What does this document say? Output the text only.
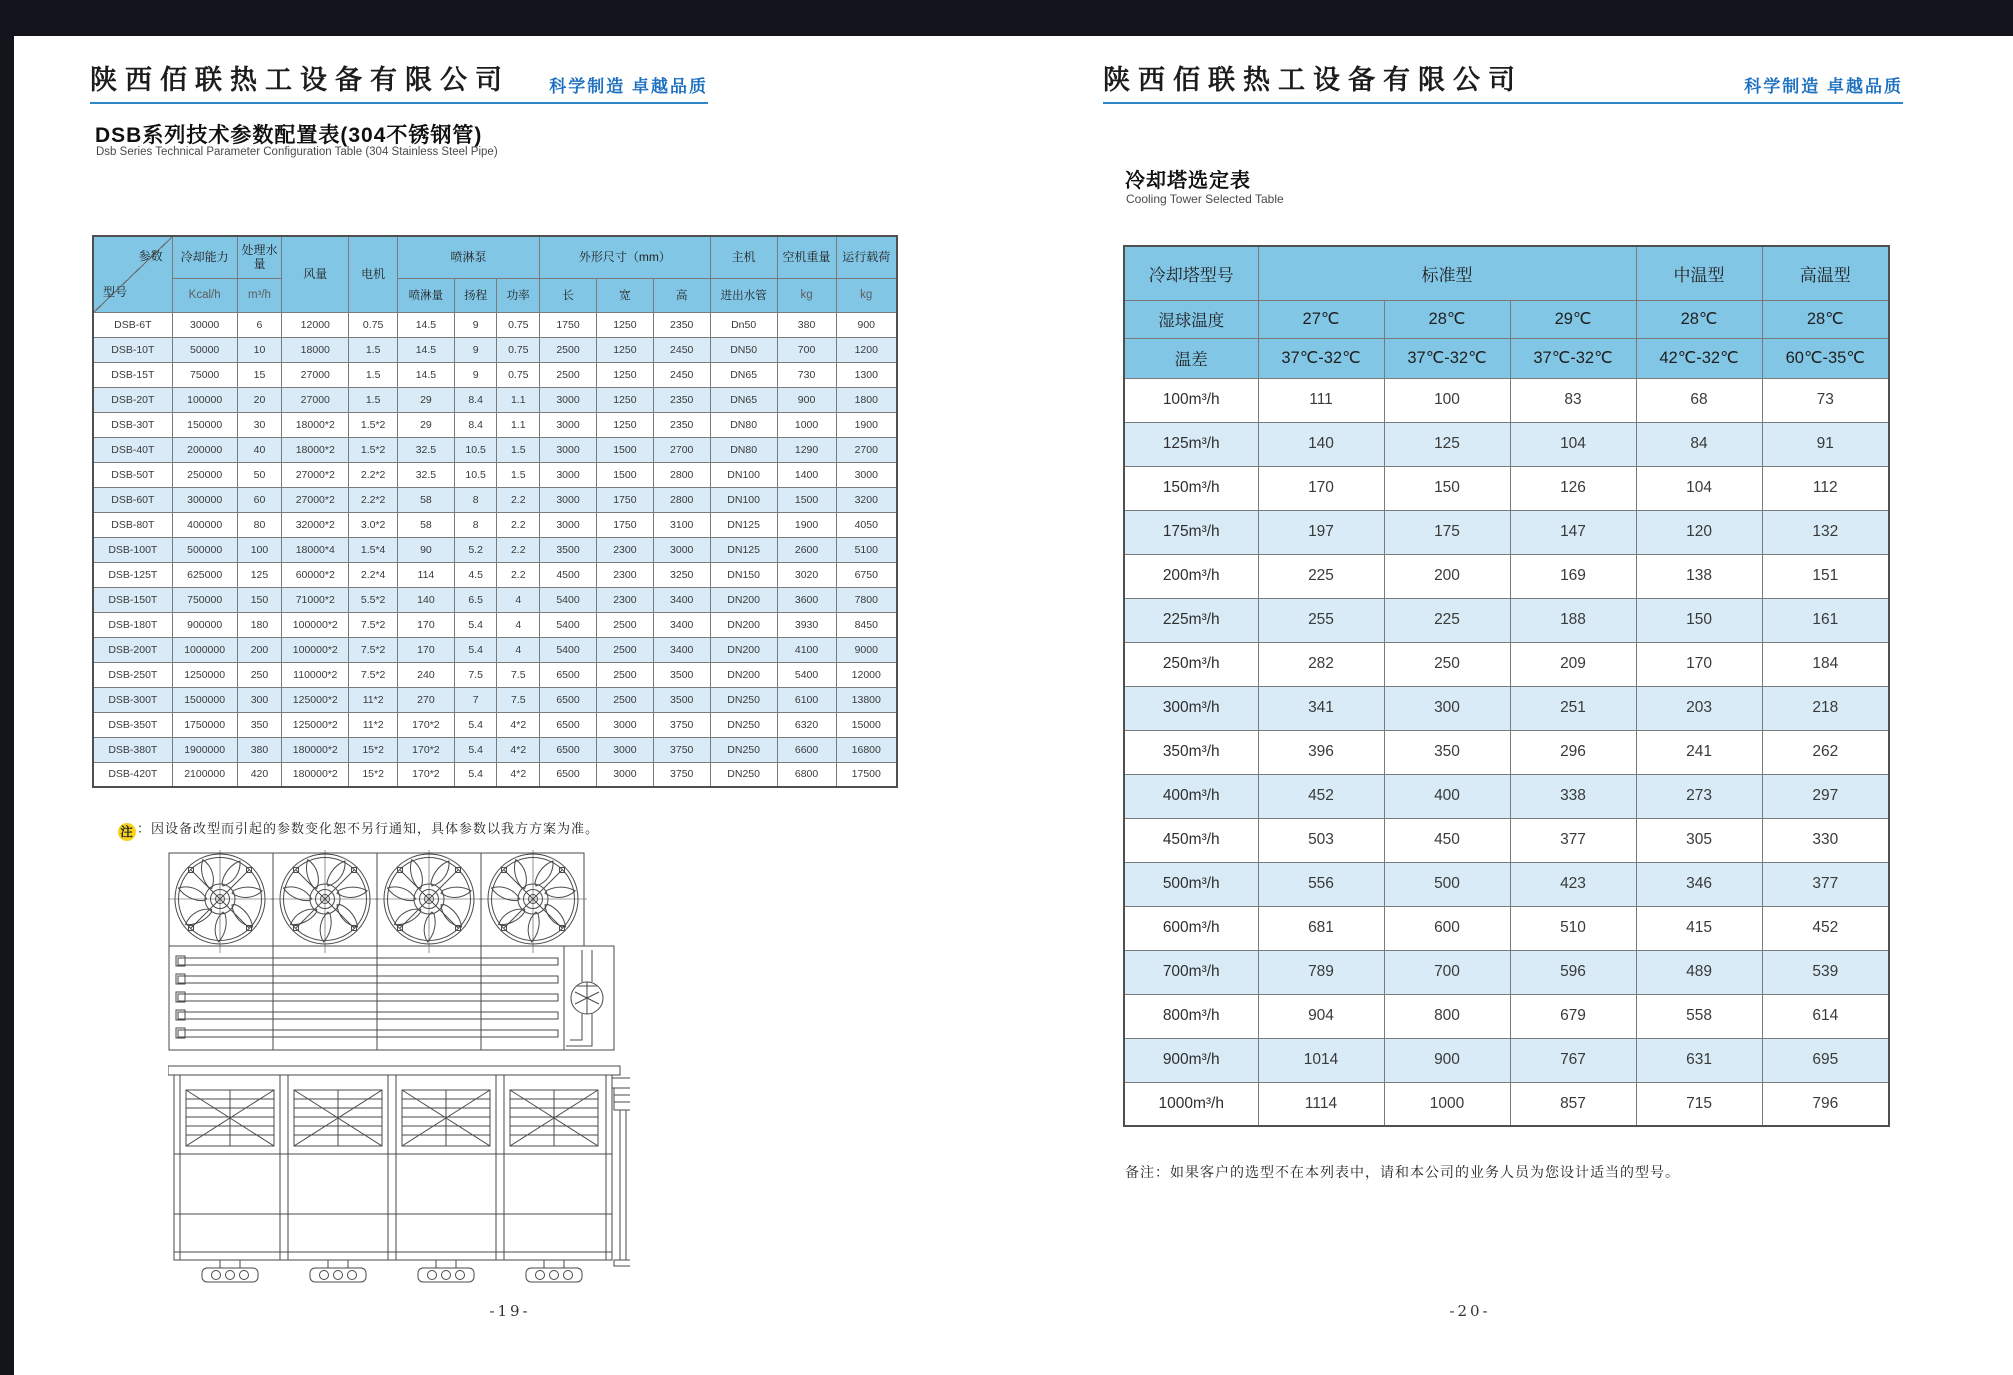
陕西佰联热工设备有限公司 科学制造 卓越品质
DSB系列技术参数配置表(304不锈钢管)
Dsb Series Technical Parameter Configuration Table (304 Stainless Steel Pipe)
参数
型号	冷却能力	处理水量	风量	电机	喷淋泵			外形尺寸（mm）			主机	空机重量	运行载荷
	Kcal/h	m³/h			喷淋量	扬程	功率	长	宽	高	进出水管	kg	kg
DSB-6T	30000	6	12000	0.75	14.5	9	0.75	1750	1250	2350	Dn50	380	900
DSB-10T	50000	10	18000	1.5	14.5	9	0.75	2500	1250	2450	DN50	700	1200
DSB-15T	75000	15	27000	1.5	14.5	9	0.75	2500	1250	2450	DN65	730	1300
DSB-20T	100000	20	27000	1.5	29	8.4	1.1	3000	1250	2350	DN65	900	1800
DSB-30T	150000	30	18000*2	1.5*2	29	8.4	1.1	3000	1250	2350	DN80	1000	1900
DSB-40T	200000	40	18000*2	1.5*2	32.5	10.5	1.5	3000	1500	2700	DN80	1290	2700
DSB-50T	250000	50	27000*2	2.2*2	32.5	10.5	1.5	3000	1500	2800	DN100	1400	3000
DSB-60T	300000	60	27000*2	2.2*2	58	8	2.2	3000	1750	2800	DN100	1500	3200
DSB-80T	400000	80	32000*2	3.0*2	58	8	2.2	3000	1750	3100	DN125	1900	4050
DSB-100T	500000	100	18000*4	1.5*4	90	5.2	2.2	3500	2300	3000	DN125	2600	5100
DSB-125T	625000	125	60000*2	2.2*4	114	4.5	2.2	4500	2300	3250	DN150	3020	6750
DSB-150T	750000	150	71000*2	5.5*2	140	6.5	4	5400	2300	3400	DN200	3600	7800
DSB-180T	900000	180	100000*2	7.5*2	170	5.4	4	5400	2500	3400	DN200	3930	8450
DSB-200T	1000000	200	100000*2	7.5*2	170	5.4	4	5400	2500	3400	DN200	4100	9000
DSB-250T	1250000	250	110000*2	7.5*2	240	7.5	7.5	6500	2500	3500	DN200	5400	12000
DSB-300T	1500000	300	125000*2	11*2	270	7	7.5	6500	2500	3500	DN250	6100	13800
DSB-350T	1750000	350	125000*2	11*2	170*2	5.4	4*2	6500	3000	3750	DN250	6320	15000
DSB-380T	1900000	380	180000*2	15*2	170*2	5.4	4*2	6500	3000	3750	DN250	6600	16800
DSB-420T	2100000	420	180000*2	15*2	170*2	5.4	4*2	6500	3000	3750	DN250	6800	17500
注 ：因设备改型而引起的参数变化恕不另行通知，具体参数以我方方案为准。
-19-
陕西佰联热工设备有限公司	科学制造 卓越品质
冷却塔选定表
Cooling Tower Selected Table
冷却塔型号	标准型			中温型	高温型
湿球温度	27℃	28℃	29℃	28℃	28℃
温差	37℃-32℃	37℃-32℃	37℃-32℃	42℃-32℃	60℃-35℃
100m³/h	111	100	83	68	73
125m³/h	140	125	104	84	91
150m³/h	170	150	126	104	112
175m³/h	197	175	147	120	132
200m³/h	225	200	169	138	151
225m³/h	255	225	188	150	161
250m³/h	282	250	209	170	184
300m³/h	341	300	251	203	218
350m³/h	396	350	296	241	262
400m³/h	452	400	338	273	297
450m³/h	503	450	377	305	330
500m³/h	556	500	423	346	377
600m³/h	681	600	510	415	452
700m³/h	789	700	596	489	539
800m³/h	904	800	679	558	614
900m³/h	1014	900	767	631	695
1000m³/h	1114	1000	857	715	796
备注：如果客户的选型不在本列表中，请和本公司的业务人员为您设计适当的型号。
-20-
